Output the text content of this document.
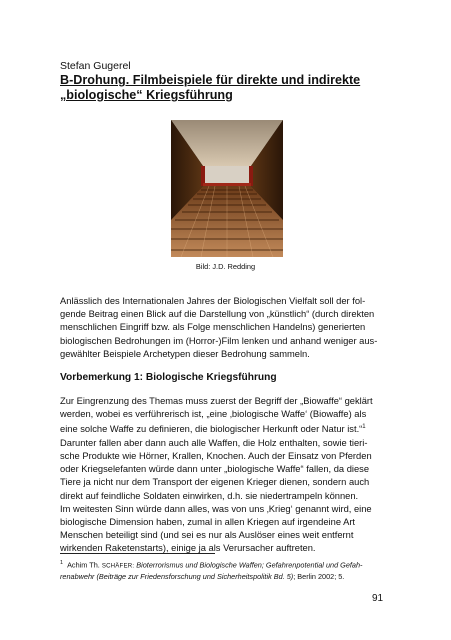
Stefan Gugerel
B-Drohung. Filmbeispiele für direkte und indirekte
„biologische“ Kriegsführung
Bild: J.D. Redding
Anlässlich des Internationalen Jahres der Biologischen Vielfalt soll der fol-
gende Beitrag einen Blick auf die Darstellung von „künstlich“ (durch direkten
menschlichen Eingriff bzw. als Folge menschlichen Handelns) generierten
biologischen Bedrohungen im (Horror-)Film lenken und anhand weniger aus-
gewählter Beispiele Archetypen dieser Bedrohung sammeln.
Vorbemerkung 1: Biologische Kriegsführung
Zur Eingrenzung des Themas muss zuerst der Begriff der „Biowaffe“ geklärt
werden, wobei es verführerisch ist, „eine ‚biologische Waffe‘ (Biowaffe) als
eine solche Waffe zu definieren, die biologischer Herkunft oder Natur ist.“$^1$
Darunter fallen aber dann auch alle Waffen, die Holz enthalten, sowie tieri-
sche Produkte wie Hörner, Krallen, Knochen. Auch der Einsatz von Pferden
oder Kriegselefanten würde dann unter „biologische Waffe“ fallen, da diese
Tiere ja nicht nur dem Transport der eigenen Krieger dienen, sondern auch
direkt auf feindliche Soldaten einwirken, d.h. sie niedertrampeln können.
Im weitesten Sinn würde dann alles, was von uns ‚Krieg‘ genannt wird, eine
biologische Dimension haben, zumal in allen Kriegen auf irgendeine Art
Menschen beteiligt sind (und sei es nur als Auslöser eines weit entfernt
wirkenden Raketenstarts), einige ja als Verursacher auftreten.
$^1$ Achim Th. SCHÄFER: Bioterrorismus und Biologische Waffen; Gefahrenpotential und Gefah-
renabwehr (Beiträge zur Friedensforschung und Sicherheitspolitik Bd. 5); Berlin 2002; 5.
91
